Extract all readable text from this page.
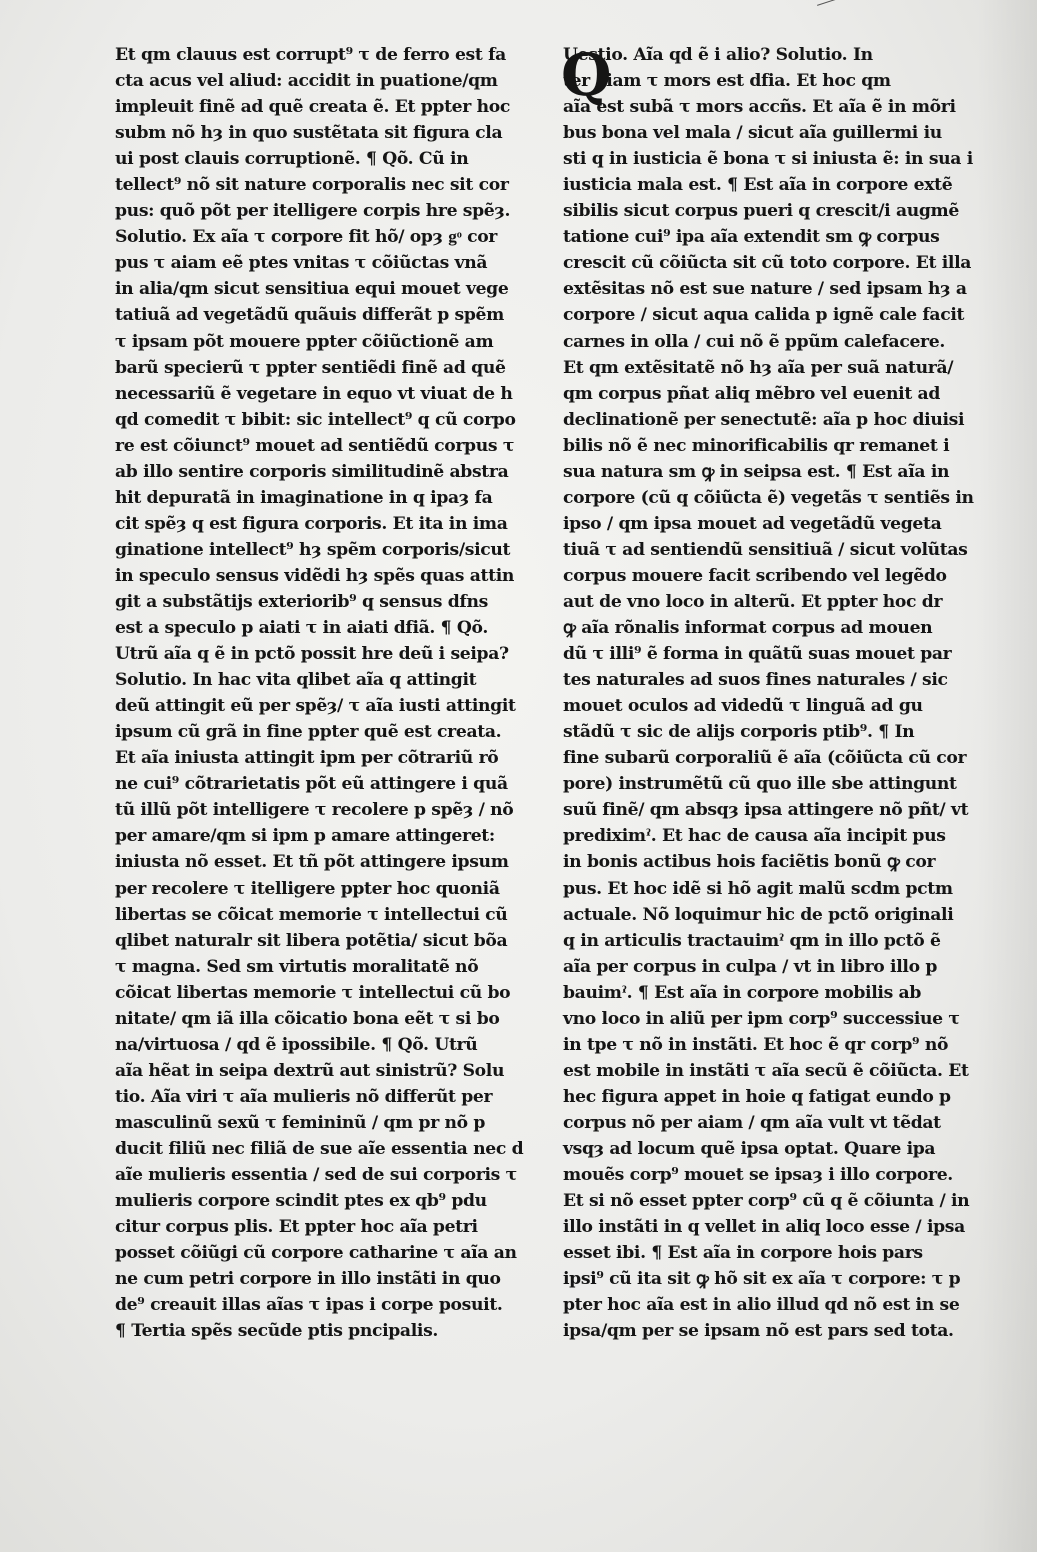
Et qm clauus est corrupt⁹ τ de ferro est fa
cta acus vel aliud: accidit in puatione/qm
impleuit finẽ ad quẽ creata ẽ. Et ppter hoc
subm nõ hȝ in quo sustẽtata sit figura cla
ui post clauis corruptionẽ. ¶ Qõ. Cũ in
tellect⁹ nõ sit nature corporalis nec sit cor
pus: quõ põt per itelligere corpis hre spẽȝ.
Solutio. Ex aĩa τ corpore fit hõ/ opȝ gͦ cor
pus τ aiam eẽ ptes vnitas τ cõiũctas vnã
in alia/qm sicut sensitiua equi mouet vege
tatiuã ad vegetãdũ quãuis differãt p spẽm
τ ipsam põt mouere ppter cõiũctionẽ am
barũ specierũ τ ppter sentiẽdi finẽ ad quẽ
necessariũ ẽ vegetare in equo vt viuat de h
qd comedit τ bibit: sic intellect⁹ q cũ corpo
re est cõiunct⁹ mouet ad sentiẽdũ corpus τ
ab illo sentire corporis similitudinẽ abstra
hit depuratã in imaginatione in q ipaȝ fa
cit spẽȝ q est figura corporis. Et ita in ima
ginatione intellect⁹ hȝ spẽm corporis/sicut
in speculo sensus vidẽdi hȝ spẽs quas attin
git a substãtijs exteriorib⁹ q sensus dfns
est a speculo p aiati τ in aiati dfiã. ¶ Qõ.
Utrũ aĩa q ẽ in pctõ possit hre deũ i seipa?
Solutio. In hac vita qlibet aĩa q attingit
deũ attingit eũ per spẽȝ/ τ aĩa iusti attingit
ipsum cũ grã in fine ppter quẽ est creata.
Et aĩa iniusta attingit ipm per cõtrariũ rõ
ne cui⁹ cõtrarietatis põt eũ attingere i quã
tũ illũ põt intelligere τ recolere p spẽȝ / nõ
per amare/qm si ipm p amare attingeret:
iniusta nõ esset. Et tñ põt attingere ipsum
per recolere τ itelligere ppter hoc quoniã
libertas se cõicat memorie τ intellectui cũ
qlibet naturalr sit libera potẽtia/ sicut bõa
τ magna. Sed sm virtutis moralitatẽ nõ
cõicat libertas memorie τ intellectui cũ bo
nitate/ qm iã illa cõicatio bona eẽt τ si bo
na/virtuosa / qd ẽ ipossibile. ¶ Qõ. Utrũ
aĩa hẽat in seipa dextrũ aut sinistrũ? Solu
tio. Aĩa viri τ aĩa mulieris nõ differũt per
masculinũ sexũ τ femininũ / qm pr nõ p
ducit filiũ nec filiã de sue aĩe essentia nec d
aĩe mulieris essentia / sed de sui corporis τ
mulieris corpore scindit ptes ex qb⁹ pdu
citur corpus plis. Et ppter hoc aĩa petri
posset cõiũgi cũ corpore catharine τ aĩa an
ne cum petri corpore in illo instãti in quo
de⁹ creauit illas aĩas τ ipas i corpe posuit.
¶ Tertia spẽs secũde ptis pncipalis.
Q
Uestio. Aĩa qd ẽ i alio? Solutio. In
ter aiam τ mors est dfia. Et hoc qm
aĩa est subã τ mors accñs. Et aĩa ẽ in mõri
bus bona vel mala / sicut aĩa guillermi iu
sti q in iusticia ẽ bona τ si iniusta ẽ: in sua i
iusticia mala est. ¶ Est aĩa in corpore extẽ
sibilis sicut corpus pueri q crescit/i augmẽ
tatione cui⁹ ipa aĩa extendit sm ꝙ corpus
crescit cũ cõiũcta sit cũ toto corpore. Et illa
extẽsitas nõ est sue nature / sed ipsam hȝ a
corpore / sicut aqua calida p ignẽ cale facit
carnes in olla / cui nõ ẽ ppũm calefacere.
Et qm extẽsitatẽ nõ hȝ aĩa per suã naturã/
qm corpus pñat aliq mẽbro vel euenit ad
declinationẽ per senectutẽ: aĩa p hoc diuisi
bilis nõ ẽ nec minorificabilis qr remanet i
sua natura sm ꝙ in seipsa est. ¶ Est aĩa in
corpore (cũ q cõiũcta ẽ) vegetãs τ sentiẽs in
ipso / qm ipsa mouet ad vegetãdũ vegeta
tiuã τ ad sentiendũ sensitiuã / sicut volũtas
corpus mouere facit scribendo vel legẽdo
aut de vno loco in alterũ. Et ppter hoc dr
ꝙ aĩa rõnalis informat corpus ad mouen
dũ τ illi⁹ ẽ forma in quãtũ suas mouet par
tes naturales ad suos fines naturales / sic
mouet oculos ad videdũ τ linguã ad gu
stãdũ τ sic de alijs corporis ptib⁹. ¶ In
fine subarũ corporaliũ ẽ aĩa (cõiũcta cũ cor
pore) instrumẽtũ cũ quo ille sbe attingunt
suũ finẽ/ qm absqȝ ipsa attingere nõ pñt/ vt
prediximˀ. Et hac de causa aĩa incipit pus
in bonis actibus hois faciẽtis bonũ ꝙ cor
pus. Et hoc idẽ si hõ agit malũ scdm pctm
actuale. Nõ loquimur hic de pctõ originali
q in articulis tractauimˀ qm in illo pctõ ẽ
aĩa per corpus in culpa / vt in libro illo p
bauimˀ. ¶ Est aĩa in corpore mobilis ab
vno loco in aliũ per ipm corp⁹ successiue τ
in tpe τ nõ in instãti. Et hoc ẽ qr corp⁹ nõ
est mobile in instãti τ aĩa secũ ẽ cõiũcta. Et
hec figura appet in hoie q fatigat eundo p
corpus nõ per aiam / qm aĩa vult vt tẽdat
vsqȝ ad locum quẽ ipsa optat. Quare ipa
mouẽs corp⁹ mouet se ipsaȝ i illo corpore.
Et si nõ esset ppter corp⁹ cũ q ẽ cõiunta / in
illo instãti in q vellet in aliq loco esse / ipsa
esset ibi. ¶ Est aĩa in corpore hois pars
ipsi⁹ cũ ita sit ꝙ hõ sit ex aĩa τ corpore: τ p
pter hoc aĩa est in alio illud qd nõ est in se
ipsa/qm per se ipsam nõ est pars sed tota.
